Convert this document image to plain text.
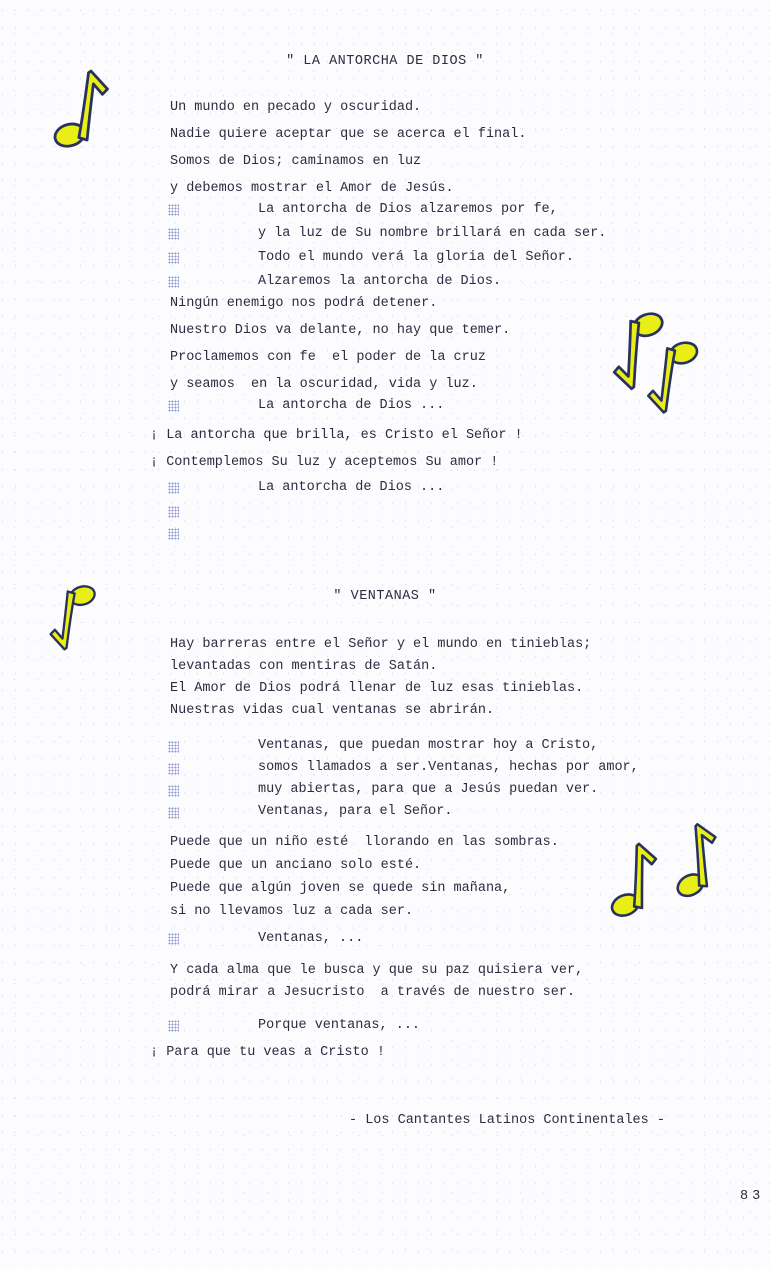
" LA ANTORCHA DE DIOS "
Un mundo en pecado y oscuridad.
Nadie quiere aceptar que se acerca el final.
Somos de Dios; caminamos en luz
y debemos mostrar el Amor de Jesús.
La antorcha de Dios alzaremos por fe,
y la luz de Su nombre brillará en cada ser.
Todo el mundo verá la gloria del Señor.
Alzaremos la antorcha de Dios.
Ningún enemigo nos podrá detener.
Nuestro Dios va delante, no hay que temer.
Proclamemos con fe  el poder de la cruz
y seamos  en la oscuridad, vida y luz.
La antorcha de Dios ...
¡ La antorcha que brilla, es Cristo el Señor !
¡ Contemplemos Su luz y aceptemos Su amor !
La antorcha de Dios ...
" VENTANAS "
Hay barreras entre el Señor y el mundo en tinieblas;
levantadas con mentiras de Satán.
El Amor de Dios podrá llenar de luz esas tinieblas.
Nuestras vidas cual ventanas se abrirán.
Ventanas, que puedan mostrar hoy a Cristo,
somos llamados a ser.Ventanas, hechas por amor,
muy abiertas, para que a Jesús puedan ver.
Ventanas, para el Señor.
Puede que un niño esté  llorando en las sombras.
Puede que un anciano solo esté.
Puede que algún joven se quede sin mañana,
si no llevamos luz a cada ser.
Ventanas, ...
Y cada alma que le busca y que su paz quisiera ver,
podrá mirar a Jesucristo  a través de nuestro ser.
Porque ventanas, ...
¡ Para que tu veas a Cristo !
- Los Cantantes Latinos Continentales -
83
